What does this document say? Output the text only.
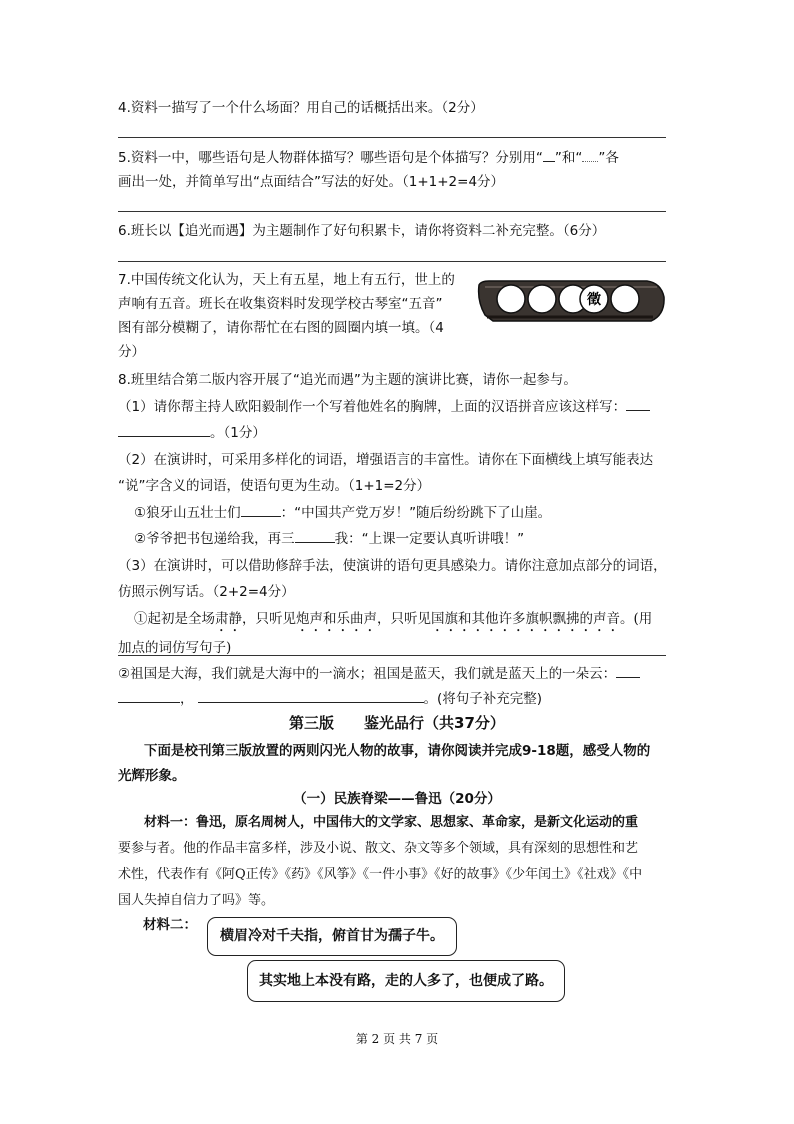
4.资料一描写了一个什么场面？用自己的话概括出来。（2分）
5.资料一中，哪些语句是人物群体描写？哪些语句是个体描写？分别用“ ”和“ ”各
画出一处，并简单写出“点面结合”写法的好处。（1+1+2=4分）
6.班长以【追光而遇】为主题制作了好句积累卡，请你将资料二补充完整。（6分）
7.中国传统文化认为，天上有五星，地上有五行，世上的
声响有五音。班长在收集资料时发现学校古琴室“五音”
图有部分模糊了，请你帮忙在右图的圆圈内填一填。（4
分）
徵
8.班里结合第二版内容开展了“追光而遇”为主题的演讲比赛，请你一起参与。
（1）请你帮主持人欧阳毅制作一个写着他姓名的胸牌，上面的汉语拼音应该这样写：
。（1分）
（2）在演讲时，可采用多样化的词语，增强语言的丰富性。请你在下面横线上填写能表达
“说”字含义的词语，使语句更为生动。（1+1=2分）
①狼牙山五壮士们	：“中国共产党万岁！”随后纷纷跳下了山崖。
②爷爷把书包递给我，再三	我：“上课一定要认真听讲哦！”
（3）在演讲时，可以借助修辞手法，使演讲的语句更具感染力。请你注意加点部分的词语，
仿照示例写话。（2+2=4分）
①起初是全场肃静，只听见炮声和乐曲声，只听见国旗和其他许多旗帜飘拂的声音。(用
加点的词仿写句子)
②祖国是大海，我们就是大海中的一滴水；祖国是蓝天，我们就是蓝天上的一朵云：
，	。(将句子补充完整)
第三版　　鉴光品行（共37分）
下面是校刊第三版放置的两则闪光人物的故事，请你阅读并完成9-18题，感受人物的
光辉形象。
（一）民族脊梁——鲁迅（20分）
材料一：鲁迅，原名周树人，中国伟大的文学家、思想家、革命家，是新文化运动的重
要参与者。他的作品丰富多样，涉及小说、散文、杂文等多个领域，具有深刻的思想性和艺
术性，代表作有《阿Q正传》《药》《风筝》《一件小事》《好的故事》《少年闰土》《社戏》《中
国人失掉自信力了吗》等。
材料二：
横眉冷对千夫指，俯首甘为孺子牛。
其实地上本没有路，走的人多了，也便成了路。
第 2 页 共 7 页
